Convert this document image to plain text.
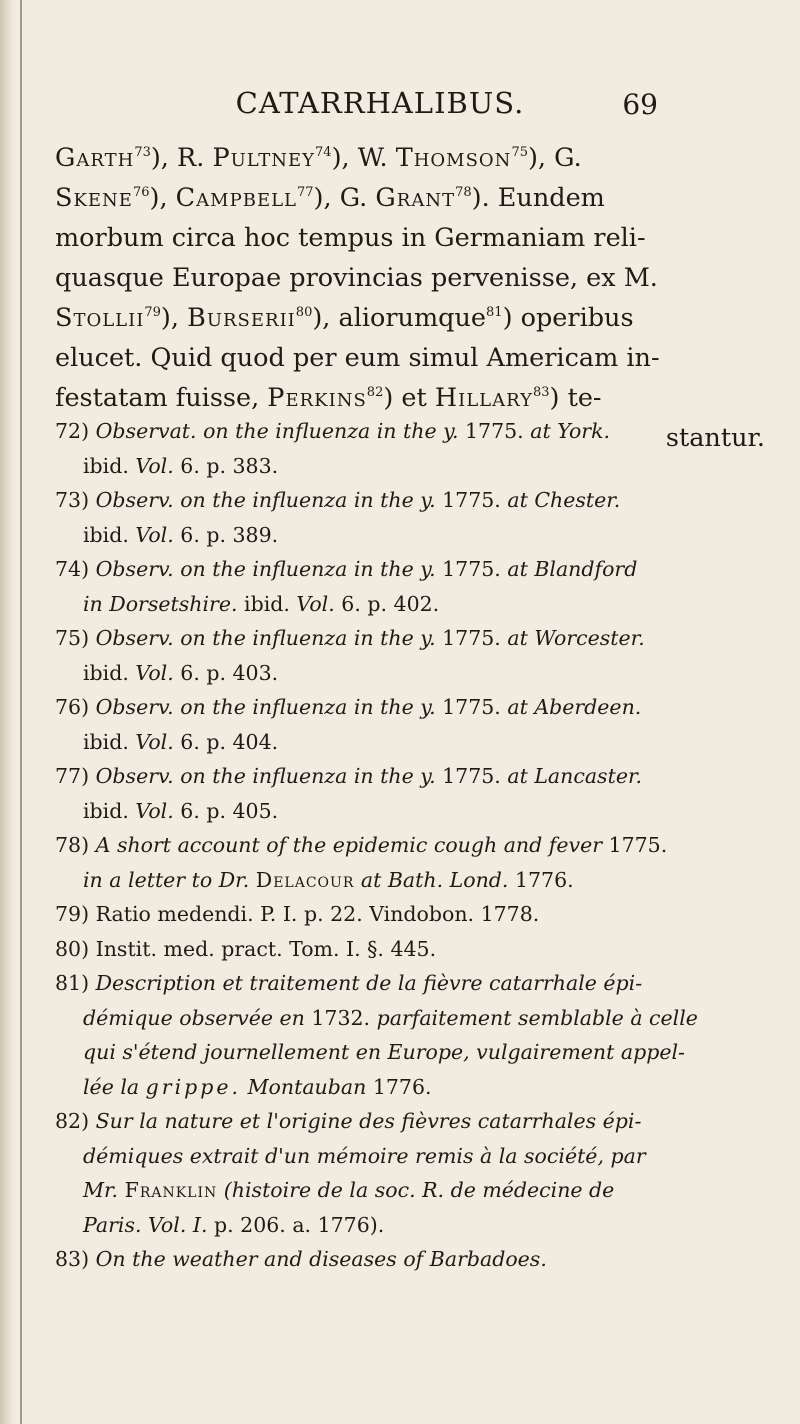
CATARRHALIBUS.	69
Garth$^{73}$), R. Pultney$^{74}$), W. Thomson$^{75}$), G.
Skene$^{76}$), Campbell$^{77}$), G. Grant$^{78}$). Eundem
morbum circa hoc tempus in Germaniam reli-
quasque Europae provincias pervenisse, ex M.
Stollii$^{79}$), Burserii$^{80}$), aliorumque$^{81}$) operibus
elucet. Quid quod per eum simul Americam in-
festatam fuisse, Perkins$^{82}$) et Hillary$^{83}$) te-
stantur.
72) Observat. on the influenza in the y. 1775. at York.
ibid. Vol. 6. p. 383.
73) Observ. on the influenza in the y. 1775. at Chester.
ibid. Vol. 6. p. 389.
74) Observ. on the influenza in the y. 1775. at Blandford
in Dorsetshire. ibid. Vol. 6. p. 402.
75) Observ. on the influenza in the y. 1775. at Worcester.
ibid. Vol. 6. p. 403.
76) Observ. on the influenza in the y. 1775. at Aberdeen.
ibid. Vol. 6. p. 404.
77) Observ. on the influenza in the y. 1775. at Lancaster.
ibid. Vol. 6. p. 405.
78) A short account of the epidemic cough and fever 1775.
in a letter to Dr. Delacour at Bath. Lond. 1776.
79) Ratio medendi. P. I. p. 22. Vindobon. 1778.
80) Instit. med. pract. Tom. I. §. 445.
81) Description et traitement de la fièvre catarrhale épi-
démique observée en 1732. parfaitement semblable à celle
qui s'étend journellement en Europe, vulgairement appel-
lée la grippe. Montauban 1776.
82) Sur la nature et l'origine des fièvres catarrhales épi-
démiques extrait d'un mémoire remis à la société, par
Mr. Franklin (histoire de la soc. R. de médecine de
Paris. Vol. I. p. 206. a. 1776).
83) On the weather and diseases of Barbadoes.
